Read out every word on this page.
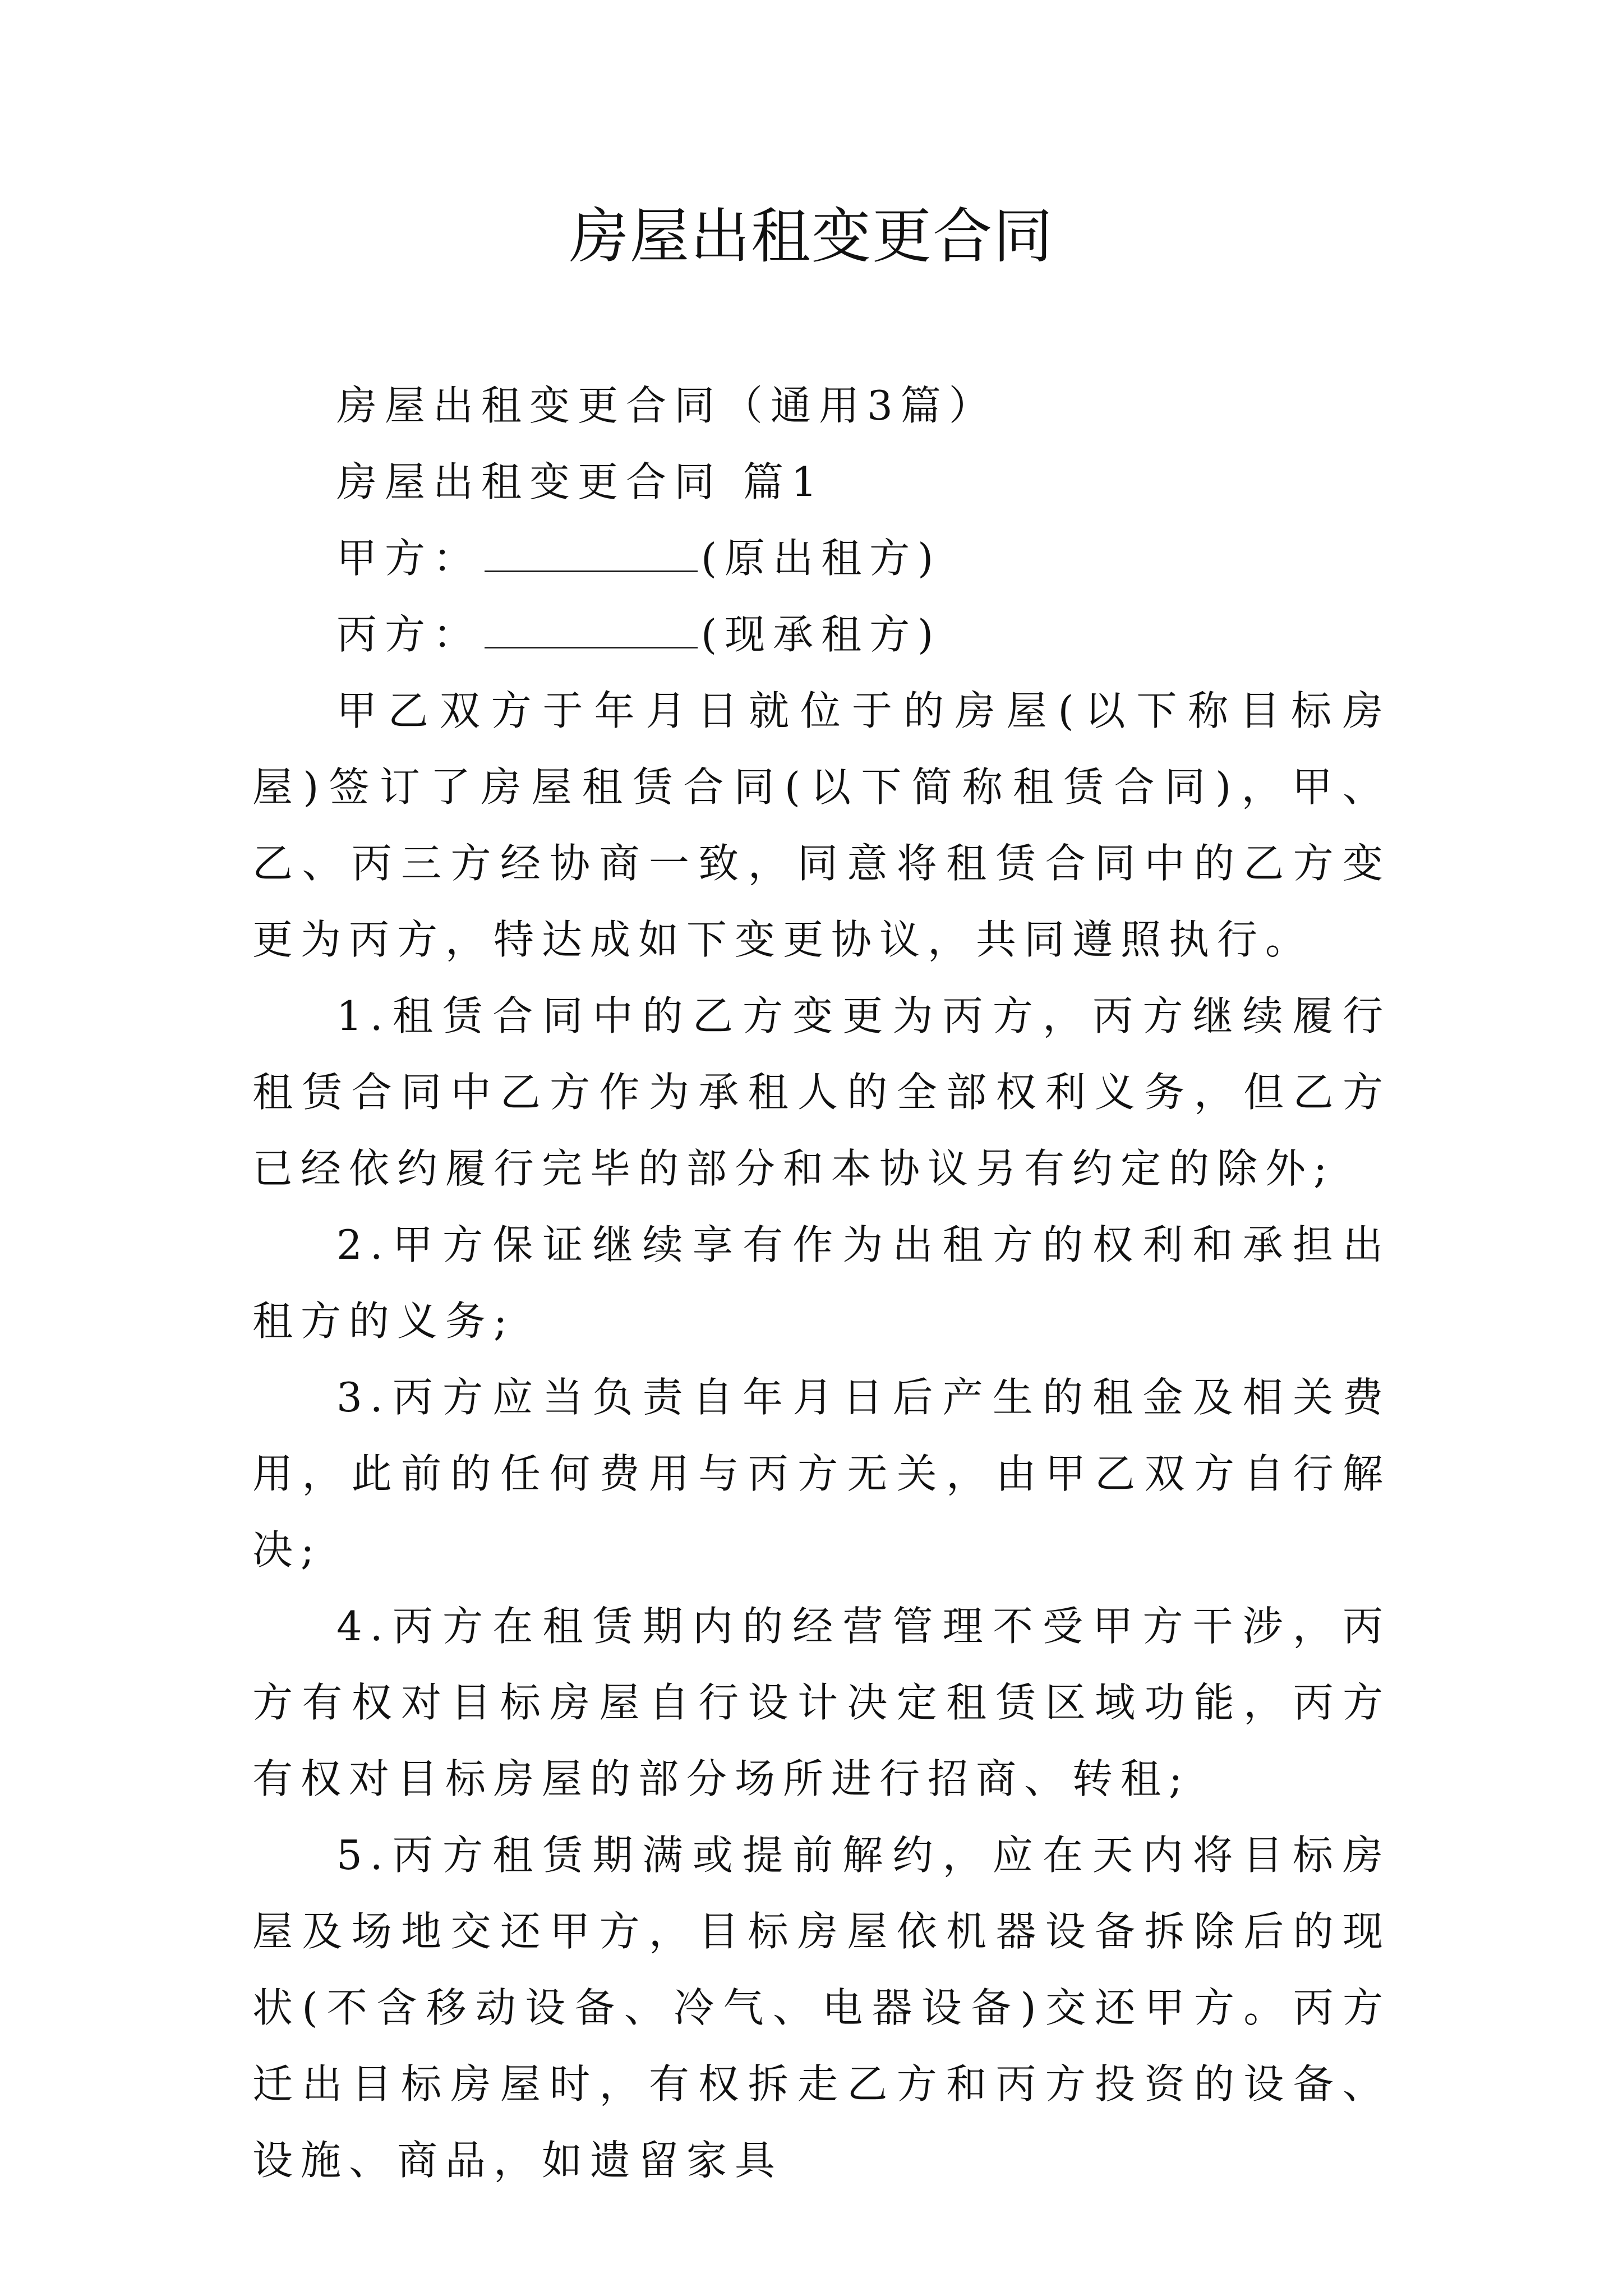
房屋出租变更合同

房屋出租变更合同（通用3篇）

房屋出租变更合同 篇1

甲方：	(原出租方)

丙方：	(现承租方)

甲乙双方于年月日就位于的房屋(以下称目标房屋)签订了房屋租赁合同(以下简称租赁合同)，甲、乙、丙三方经协商一致，同意将租赁合同中的乙方变更为丙方，特达成如下变更协议，共同遵照执行。

1.租赁合同中的乙方变更为丙方，丙方继续履行租赁合同中乙方作为承租人的全部权利义务，但乙方已经依约履行完毕的部分和本协议另有约定的除外;

2.甲方保证继续享有作为出租方的权利和承担出租方的义务;

3.丙方应当负责自年月日后产生的租金及相关费用，此前的任何费用与丙方无关，由甲乙双方自行解决;

4.丙方在租赁期内的经营管理不受甲方干涉，丙方有权对目标房屋自行设计决定租赁区域功能，丙方有权对目标房屋的部分场所进行招商、转租;

5.丙方租赁期满或提前解约，应在天内将目标房屋及场地交还甲方，目标房屋依机器设备拆除后的现状(不含移动设备、冷气、电器设备)交还甲方。丙方迁出目标房屋时，有权拆走乙方和丙方投资的设备、设施、商品，如遗留家具
